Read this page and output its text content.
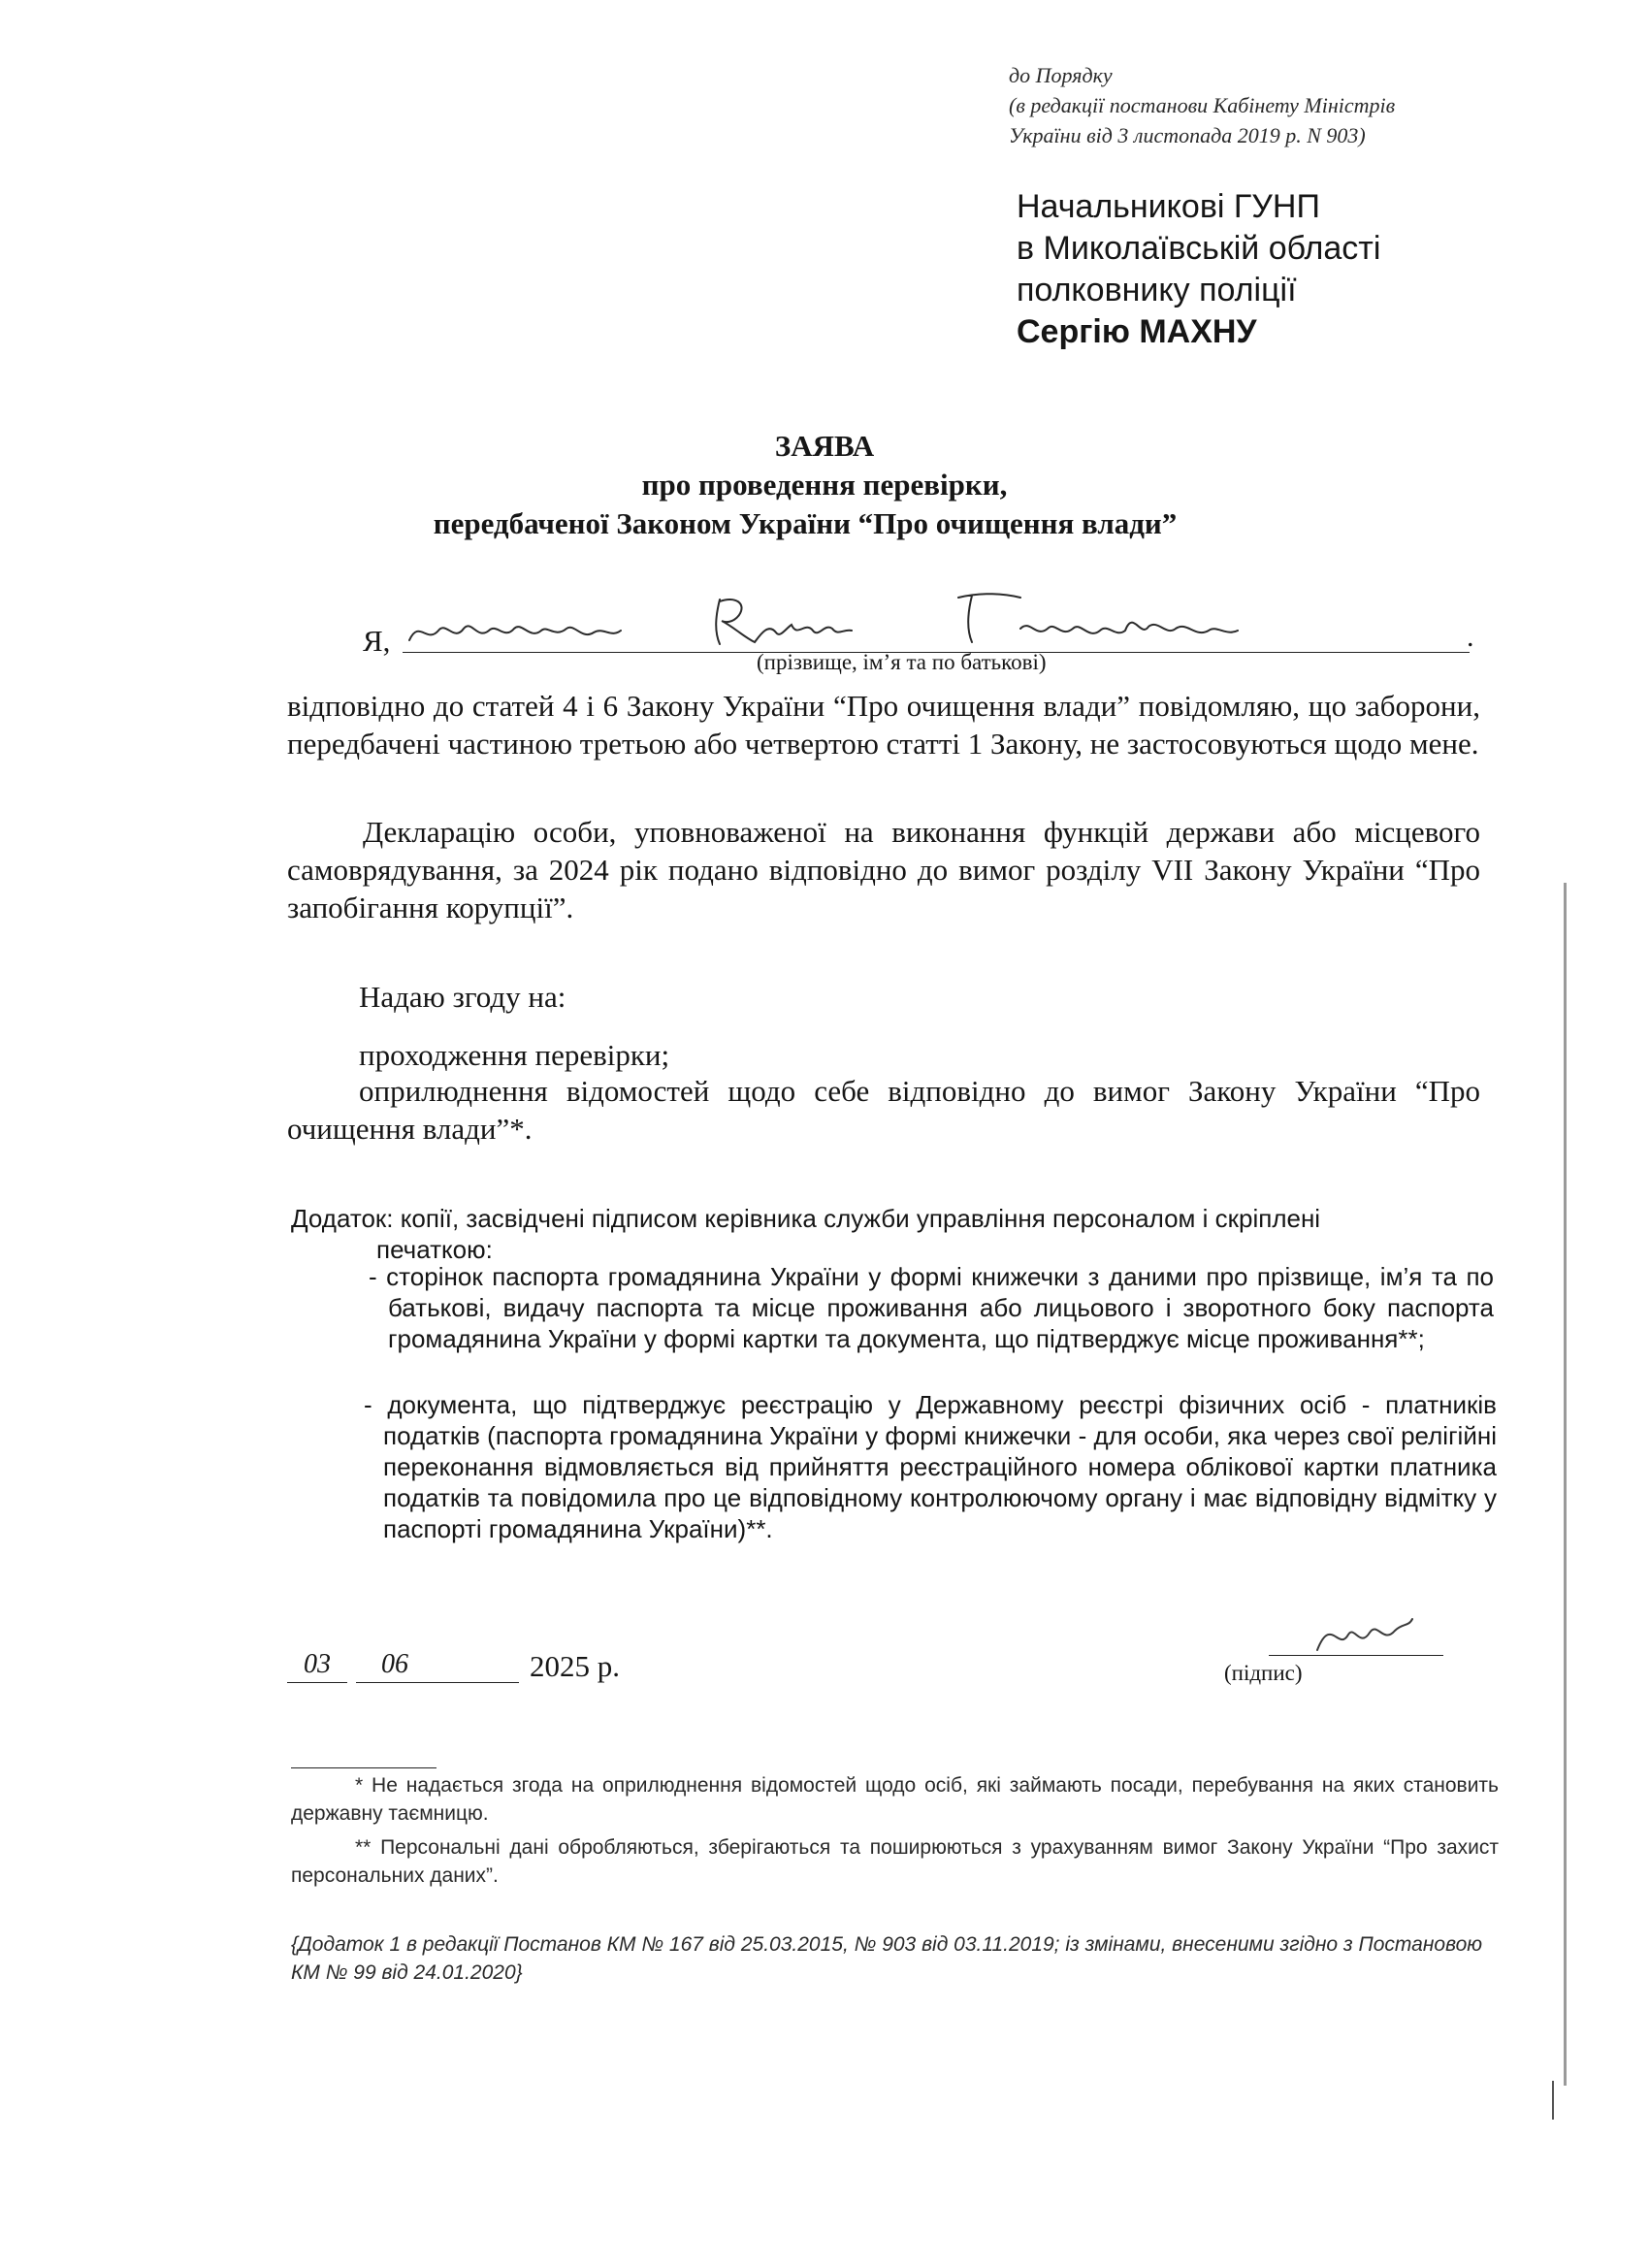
до Порядку
(в редакції постанови Кабінету Міністрів
України від 3 листопада 2019 р. N 903)
Начальникові ГУНП
в Миколаївській області
полковнику поліції
Сергію МАХНУ
ЗАЯВА
про проведення перевірки,
передбаченої Законом України “Про очищення влади”
Я,	.
(прізвище, ім’я та по батькові)
відповідно до статей 4 і 6 Закону України “Про очищення влади” повідомляю, що заборони, передбачені частиною третьою або четвертою статті 1 Закону, не застосовуються щодо мене.
Декларацію особи, уповноваженої на виконання функцій держави або місцевого самоврядування, за 2024 рік подано відповідно до вимог розділу VII Закону України “Про запобігання корупції”.
Надаю згоду на:
проходження перевірки;
оприлюднення відомостей щодо себе відповідно до вимог Закону України “Про очищення влади”*.
Додаток: копії, засвідчені підписом керівника служби управління персоналом і скріплені
печаткою:
- сторінок паспорта громадянина України у формі книжечки з даними про прізвище, ім’я та по батькові, видачу паспорта та місце проживання або лицьового і зворотного боку паспорта громадянина України у формі картки та документа, що підтверджує місце проживання**;
- документа, що підтверджує реєстрацію у Державному реєстрі фізичних осіб - платників податків (паспорта громадянина України у формі книжечки - для особи, яка через свої релігійні переконання відмовляється від прийняття реєстраційного номера облікової картки платника податків та повідомила про це відповідному контролюючому органу і має відповідну відмітку у паспорті громадянина України)**.
03	06	2025 р.	(підпис)
* Не надається згода на оприлюднення відомостей щодо осіб, які займають посади, перебування на яких становить державну таємницю.
** Персональні дані обробляються, зберігаються та поширюються з урахуванням вимог Закону України “Про захист персональних даних”.
{Додаток 1 в редакції Постанов КМ № 167 від 25.03.2015, № 903 від 03.11.2019; із змінами, внесеними згідно з Постановою КМ № 99 від 24.01.2020}
